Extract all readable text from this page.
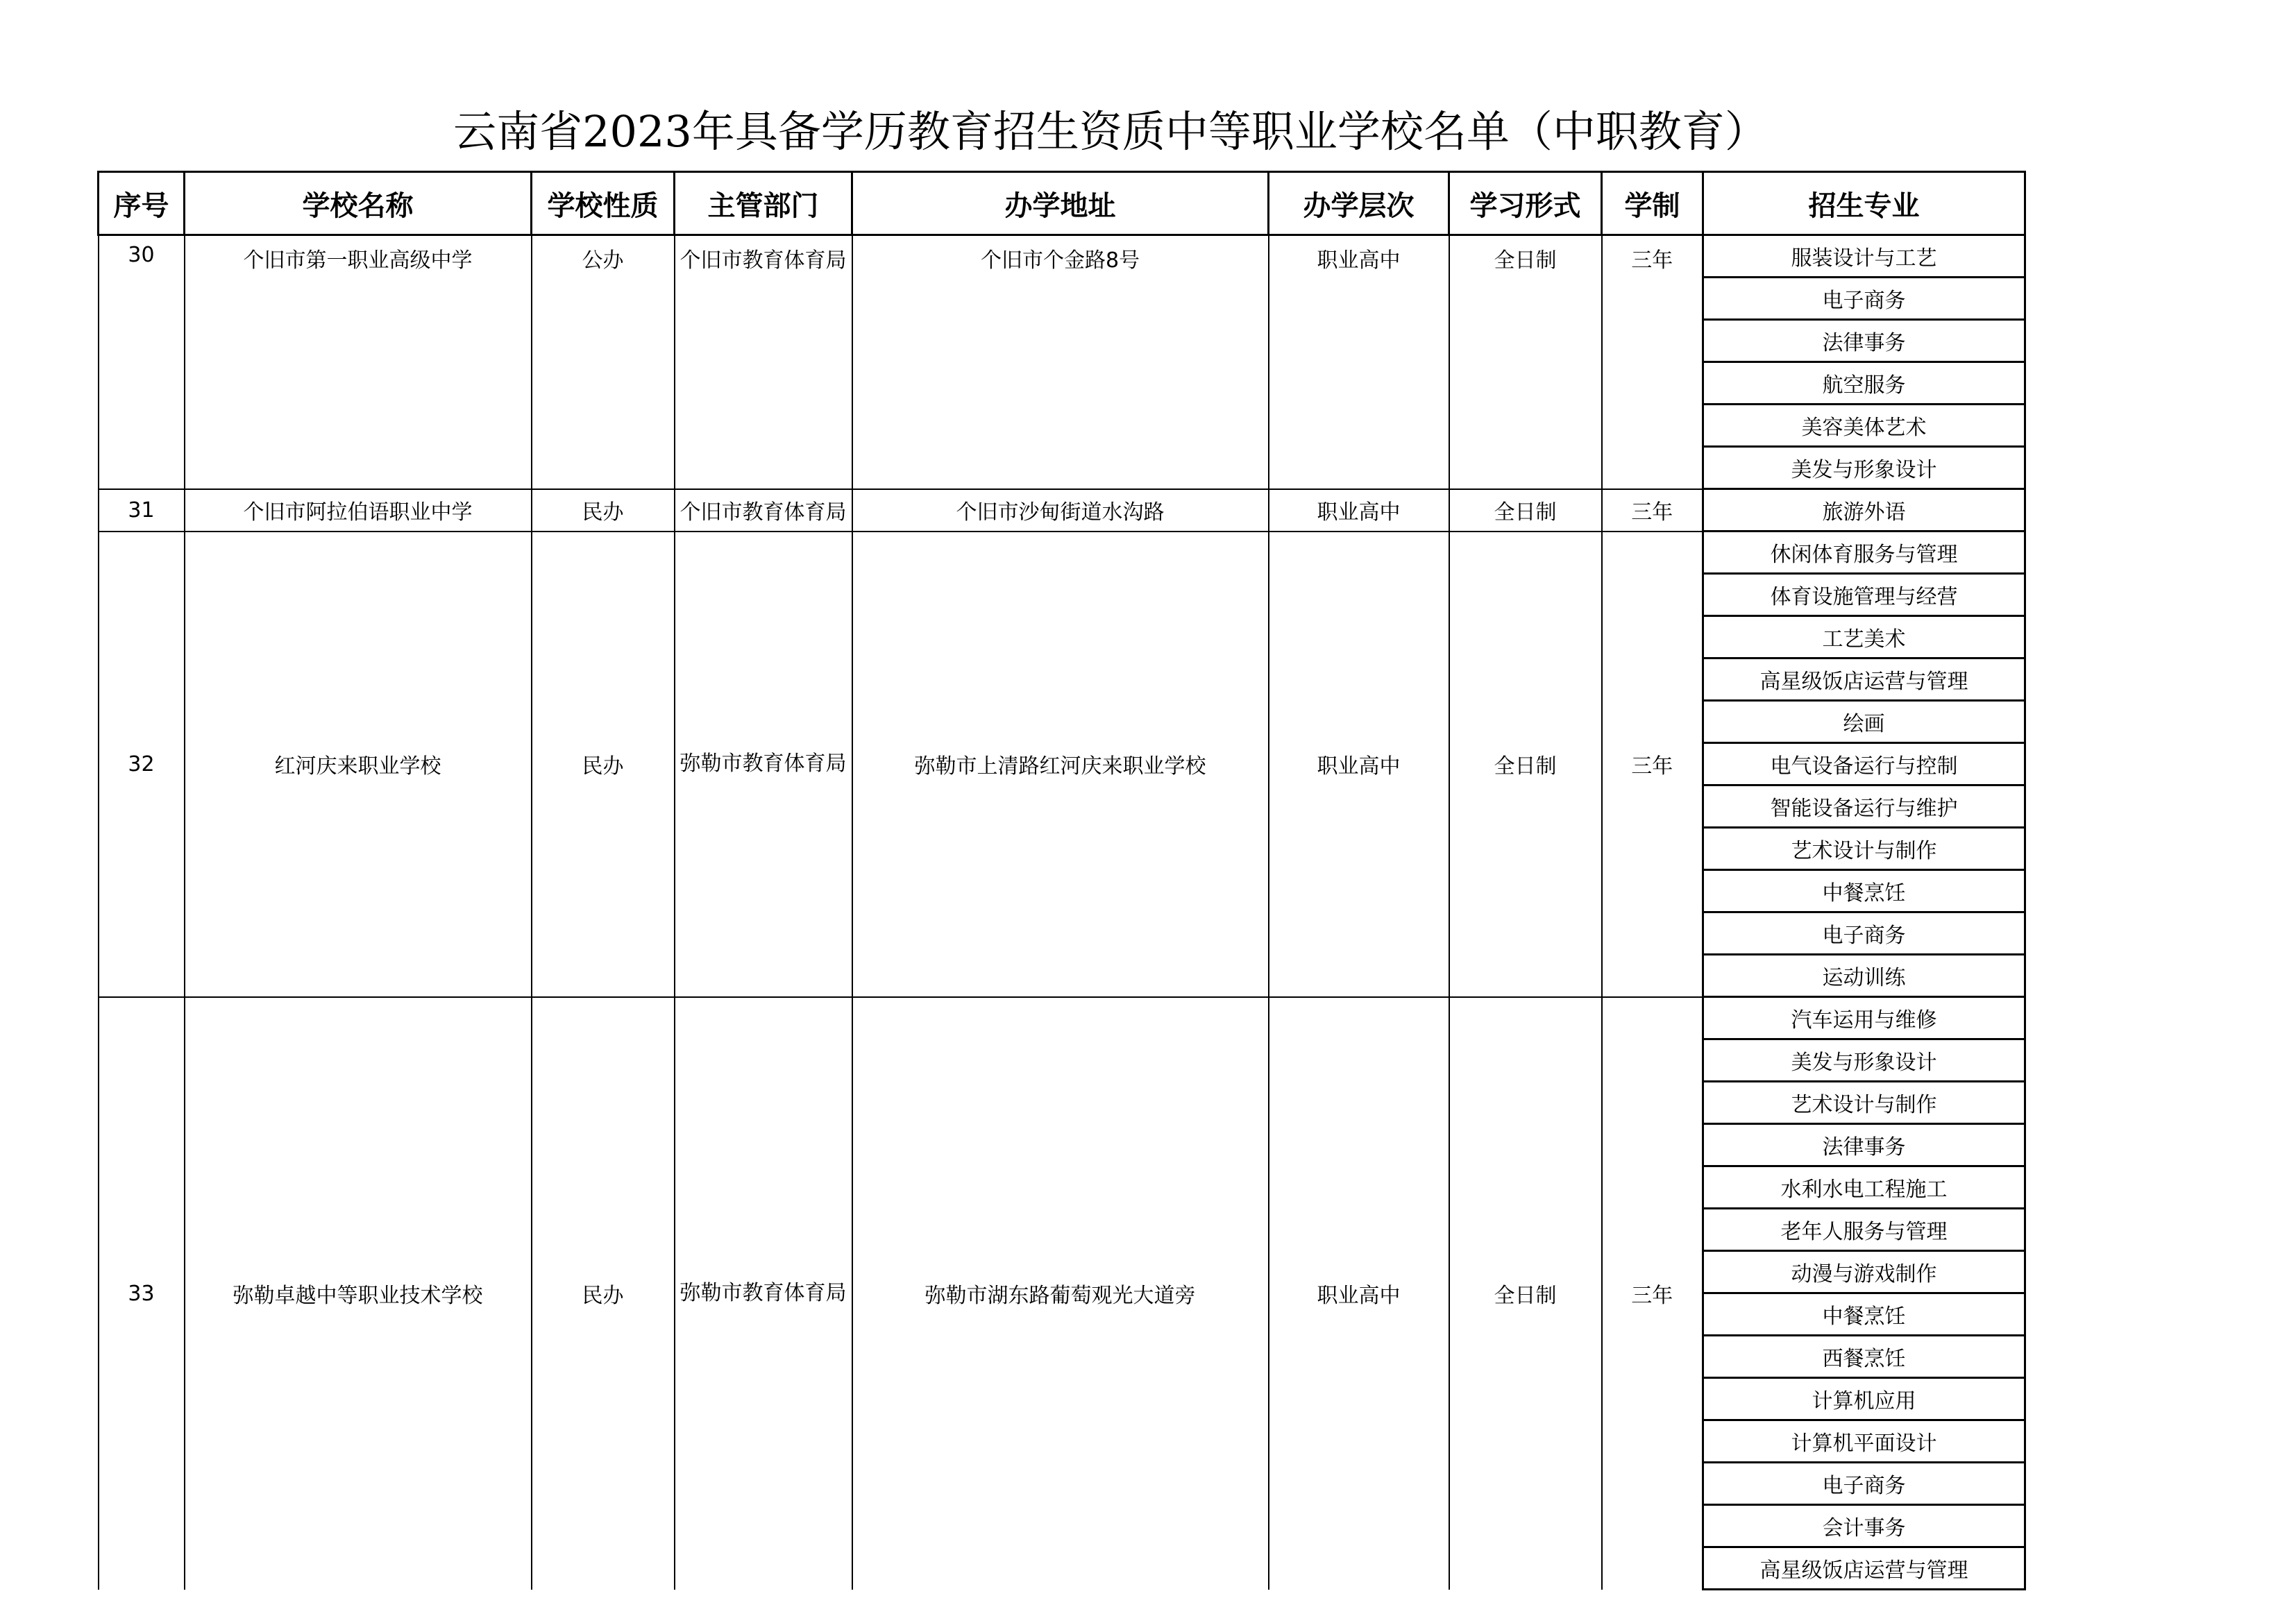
云南省2023年具备学历教育招生资质中等职业学校名单（中职教育）
序号	学校名称	学校性质	主管部门	办学地址	办学层次	学习形式	学制	招生专业
30	个旧市第一职业高级中学	公办	个旧市教育体育局	个旧市个金路8号	职业高中	全日制	三年	服装设计与工艺
								电子商务
								法律事务
								航空服务
								美容美体艺术
								美发与形象设计
31	个旧市阿拉伯语职业中学	民办	个旧市教育体育局	个旧市沙甸街道水沟路	职业高中	全日制	三年	旅游外语
32	红河庆来职业学校	民办	弥勒市教育体育局	弥勒市上清路红河庆来职业学校	职业高中	全日制	三年	休闲体育服务与管理
								体育设施管理与经营
								工艺美术
								高星级饭店运营与管理
								绘画
								电气设备运行与控制
								智能设备运行与维护
								艺术设计与制作
								中餐烹饪
								电子商务
								运动训练
33	弥勒卓越中等职业技术学校	民办	弥勒市教育体育局	弥勒市湖东路葡萄观光大道旁	职业高中	全日制	三年	汽车运用与维修
								美发与形象设计
								艺术设计与制作
								法律事务
								水利水电工程施工
								老年人服务与管理
								动漫与游戏制作
								中餐烹饪
								西餐烹饪
								计算机应用
								计算机平面设计
								电子商务
								会计事务
								高星级饭店运营与管理
